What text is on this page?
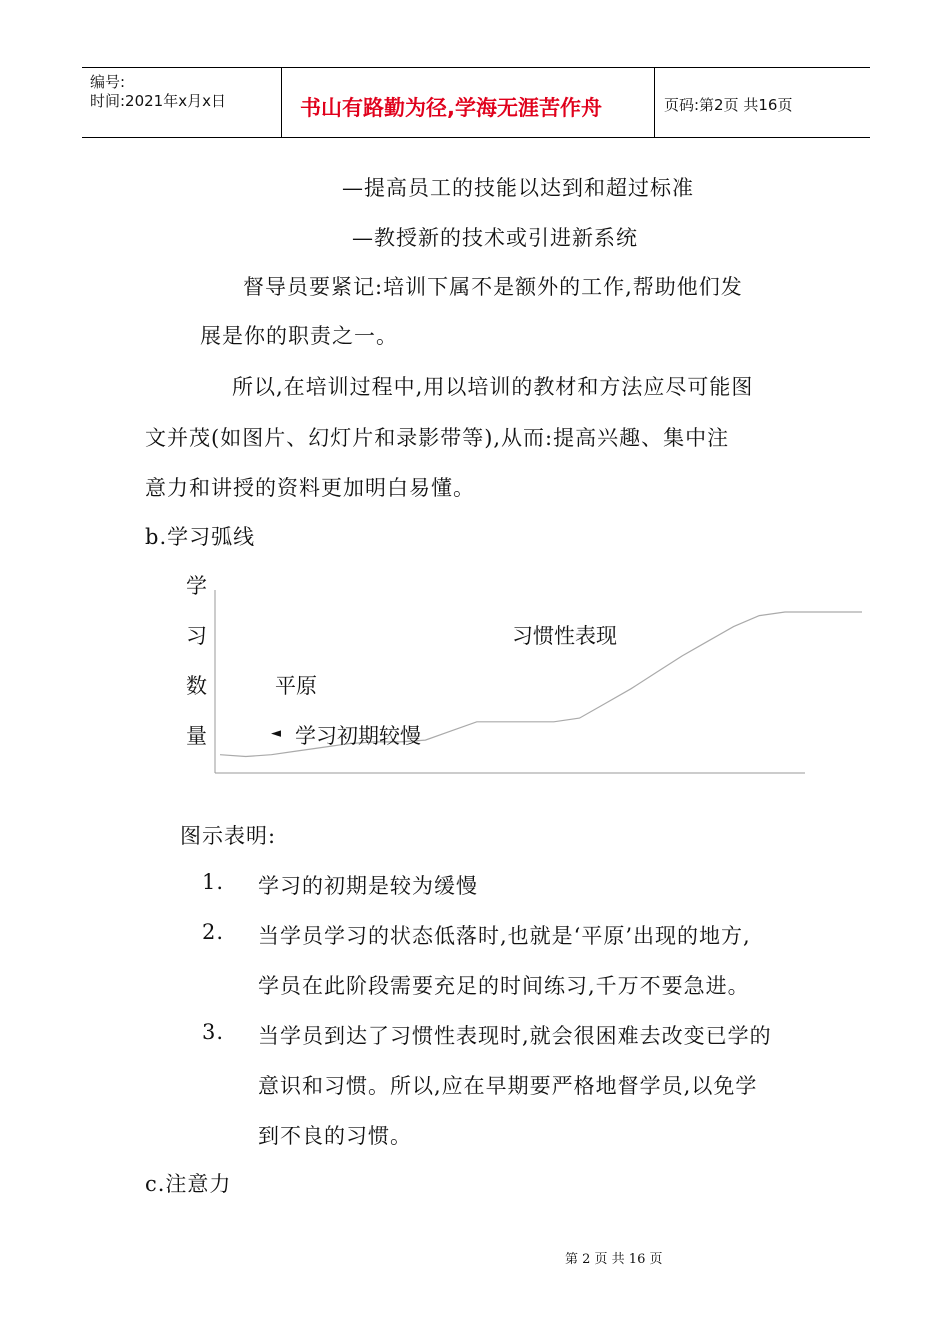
编号:
时间:2021年x月x日	书山有路勤为径,学海无涯苦作舟	页码:第2页 共16页
—提高员工的技能以达到和超过标准
—教授新的技术或引进新系统
督导员要紧记:培训下属不是额外的工作,帮助他们发
展是你的职责之一。
所以,在培训过程中,用以培训的教材和方法应尽可能图
文并茂(如图片、幻灯片和录影带等),从而:提高兴趣、集中注
意力和讲授的资料更加明白易懂。
b.学习弧线
学
习
数
量
习惯性表现
平原
◄ 学习初期较慢
图示表明:
1. 学习的初期是较为缓慢
2. 当学员学习的状态低落时,也就是‘平原’出现的地方,
学员在此阶段需要充足的时间练习,千万不要急进。
3. 当学员到达了习惯性表现时,就会很困难去改变已学的
意识和习惯。所以,应在早期要严格地督学员,以免学
到不良的习惯。
c.注意力
第 2 页 共 16 页
